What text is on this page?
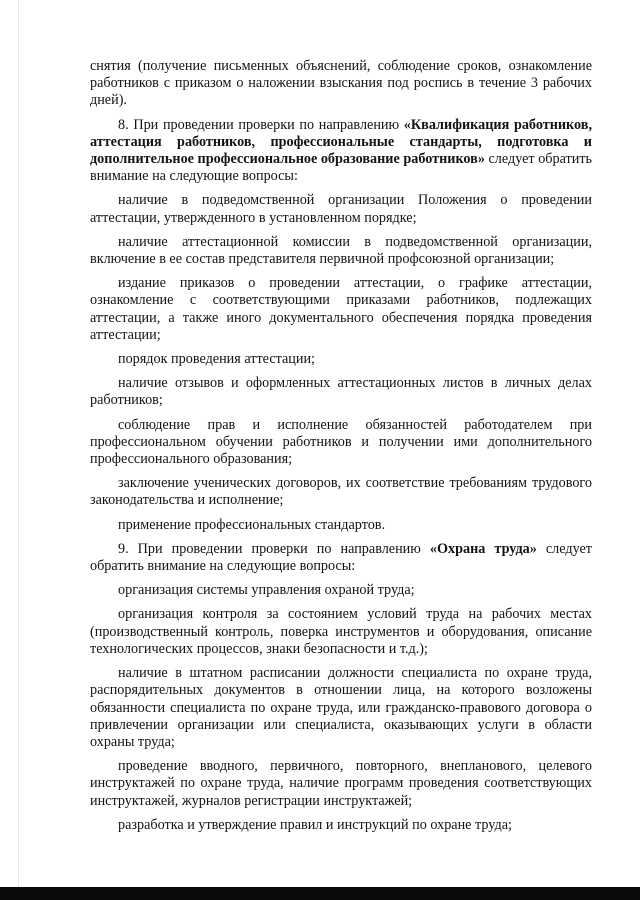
снятия (получение письменных объяснений, соблюдение сроков, ознакомление работников с приказом о наложении взыскания под роспись в течение 3 рабочих дней).

8. При проведении проверки по направлению «Квалификация работников, аттестация работников, профессиональные стандарты, подготовка и дополнительное профессиональное образование работников» следует обратить внимание на следующие вопросы:

наличие в подведомственной организации Положения о проведении аттестации, утвержденного в установленном порядке;

наличие аттестационной комиссии в подведомственной организации, включение в ее состав представителя первичной профсоюзной организации;

издание приказов о проведении аттестации, о графике аттестации, ознакомление с соответствующими приказами работников, подлежащих аттестации, а также иного документального обеспечения порядка проведения аттестации;

порядок проведения аттестации;

наличие отзывов и оформленных аттестационных листов в личных делах работников;

соблюдение прав и исполнение обязанностей работодателем при профессиональном обучении работников и получении ими дополнительного профессионального образования;

заключение ученических договоров, их соответствие требованиям трудового законодательства и исполнение;

применение профессиональных стандартов.

9. При проведении проверки по направлению «Охрана труда» следует обратить внимание на следующие вопросы:

организация системы управления охраной труда;

организация контроля за состоянием условий труда на рабочих местах (производственный контроль, поверка инструментов и оборудования, описание технологических процессов, знаки безопасности и т.д.);

наличие в штатном расписании должности специалиста по охране труда, распорядительных документов в отношении лица, на которого возложены обязанности специалиста по охране труда, или гражданско-правового договора о привлечении организации или специалиста, оказывающих услуги в области охраны труда;

проведение вводного, первичного, повторного, внепланового, целевого инструктажей по охране труда, наличие программ проведения соответствующих инструктажей, журналов регистрации инструктажей;

разработка и утверждение правил и инструкций по охране труда;
